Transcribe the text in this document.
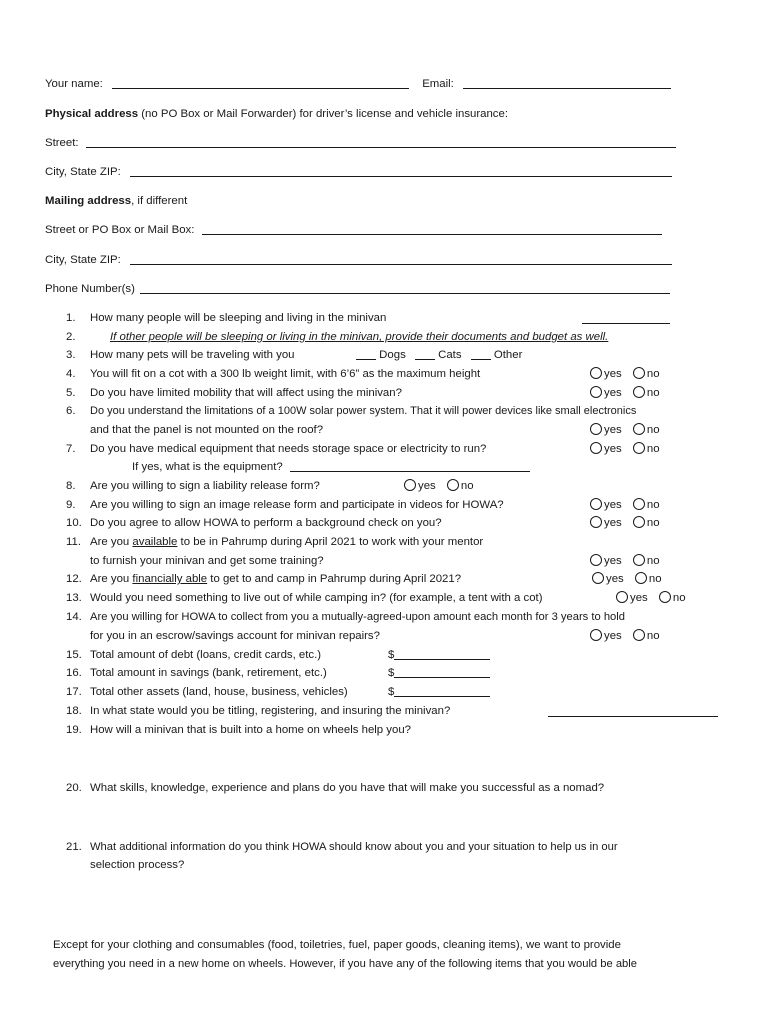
Your name:	Email:
Physical address (no PO Box or Mail Forwarder) for driver’s license and vehicle insurance:
Street:
City, State ZIP:
Mailing address, if different
Street or PO Box or Mail Box:
City, State ZIP:
Phone Number(s)
1. How many people will be sleeping and living in the minivan
2.	If other people will be sleeping or living in the minivan, provide their documents and budget as well.
3. How many pets will be traveling with you	Dogs	Cats	Other
4. You will fit on a cot with a 300 lb weight limit, with 6’6” as the maximum height	yes no
5. Do you have limited mobility that will affect using the minivan?	yes no
6. Do you understand the limitations of a 100W solar power system. That it will power devices like small electronics
and that the panel is not mounted on the roof?	yes no
7. Do you have medical equipment that needs storage space or electricity to run?	yes no
If yes, what is the equipment?
8. Are you willing to sign a liability release form?	yes no
9. Are you willing to sign an image release form and participate in videos for HOWA?	yes no
10. Do you agree to allow HOWA to perform a background check on you?	yes no
11. Are you available to be in Pahrump during April 2021 to work with your mentor
to furnish your minivan and get some training?	yes no
12. Are you financially able to get to and camp in Pahrump during April 2021?	yes no
13. Would you need something to live out of while camping in? (for example, a tent with a cot)	yes no
14. Are you willing for HOWA to collect from you a mutually-agreed-upon amount each month for 3 years to hold
for you in an escrow/savings account for minivan repairs?	yes no
15. Total amount of debt (loans, credit cards, etc.)	$
16. Total amount in savings (bank, retirement, etc.)	$
17. Total other assets (land, house, business, vehicles)	$
18. In what state would you be titling, registering, and insuring the minivan?
19. How will a minivan that is built into a home on wheels help you?
20. What skills, knowledge, experience and plans do you have that will make you successful as a nomad?
21. What additional information do you think HOWA should know about you and your situation to help us in our
selection process?
Except for your clothing and consumables (food, toiletries, fuel, paper goods, cleaning items), we want to provide
everything you need in a new home on wheels. However, if you have any of the following items that you would be able
